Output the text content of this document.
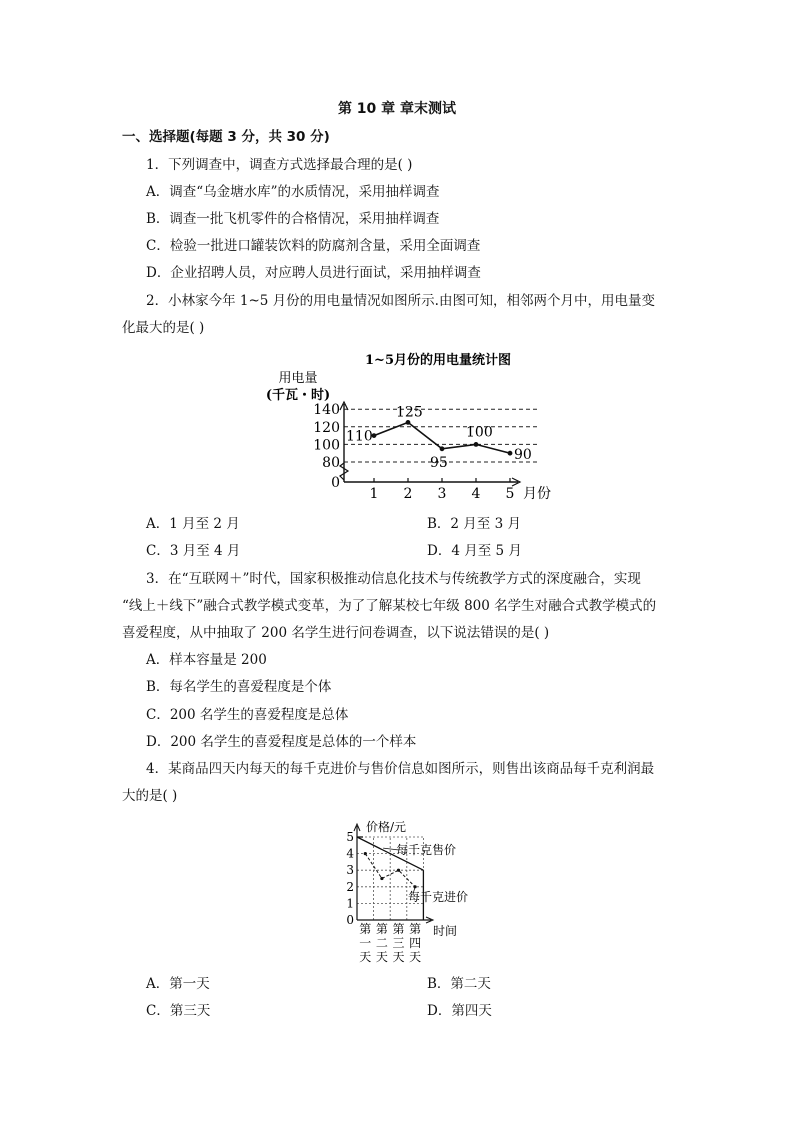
第 10 章 章末测试
一、选择题(每题 3 分，共 30 分)
1．下列调查中，调查方式选择最合理的是( )
A．调查“乌金塘水库”的水质情况，采用抽样调查
B．调查一批飞机零件的合格情况，采用抽样调查
C．检验一批进口罐装饮料的防腐剂含量，采用全面调查
D．企业招聘人员，对应聘人员进行面试，采用抽样调查
2．小林家今年 1~5 月份的用电量情况如图所示.由图可知，相邻两个月中，用电量变
化最大的是( )
1~5月份的用电量统计图
用电量
(千瓦・时)
140
120
100
80
0
1 2 3 4 5
110
125
95
100
90
月份
A．1 月至 2 月	B．2 月至 3 月
C．3 月至 4 月	D．4 月至 5 月
3．在“互联网＋”时代，国家积极推动信息化技术与传统教学方式的深度融合，实现
“线上＋线下”融合式教学模式变革，为了了解某校七年级 800 名学生对融合式教学模式的
喜爱程度，从中抽取了 200 名学生进行问卷调查，以下说法错误的是( )
A．样本容量是 200
B．每名学生的喜爱程度是个体
C．200 名学生的喜爱程度是总体
D．200 名学生的喜爱程度是总体的一个样本
4．某商品四天内每天的每千克进价与售价信息如图所示，则售出该商品每千克利润最
大的是( )
价格/元
5
4
3
2
1
0
第
一
天
第
二
天
第
三
天
第
四
天
每千克售价
每千克进价
时间
A．第一天	B．第二天
C．第三天	D．第四天
